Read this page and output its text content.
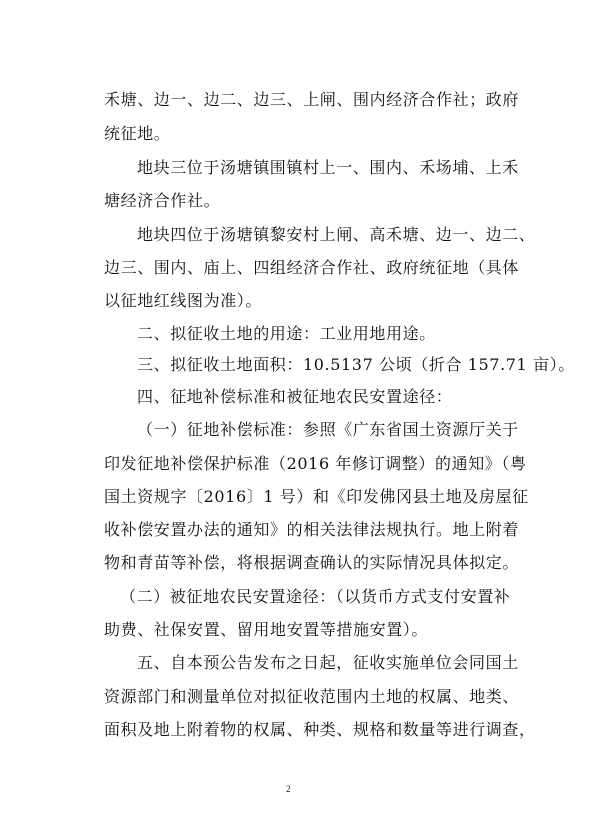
禾塘、边一、边二、边三、上闸、围内经济合作社；政府
统征地。
地块三位于汤塘镇围镇村上一、围内、禾场埔、上禾
塘经济合作社。
地块四位于汤塘镇黎安村上闸、高禾塘、边一、边二、
边三、围内、庙上、四组经济合作社、政府统征地（具体
以征地红线图为准）。
二、拟征收土地的用途：工业用地用途。
三、拟征收土地面积：10.5137 公顷（折合 157.71 亩）。
四、征地补偿标准和被征地农民安置途径：
（一）征地补偿标准：参照《广东省国土资源厅关于
印发征地补偿保护标准（2016 年修订调整）的通知》（粤
国土资规字〔2016〕1 号）和《印发佛冈县土地及房屋征
收补偿安置办法的通知》的相关法律法规执行。地上附着
物和青苗等补偿，将根据调查确认的实际情况具体拟定。
（二）被征地农民安置途径：（以货币方式支付安置补
助费、社保安置、留用地安置等措施安置）。
五、自本预公告发布之日起，征收实施单位会同国土
资源部门和测量单位对拟征收范围内土地的权属、地类、
面积及地上附着物的权属、种类、规格和数量等进行调查，
2
